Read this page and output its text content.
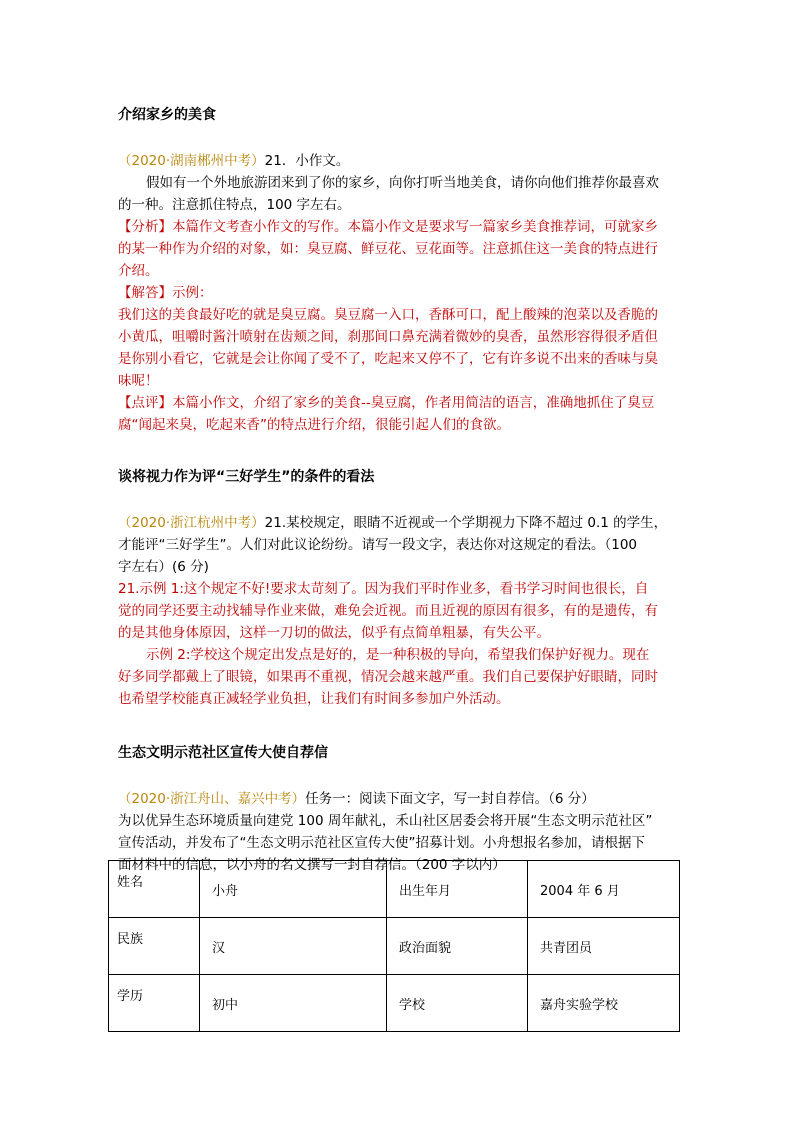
介绍家乡的美食
（2020·湖南郴州中考）21．小作文。
假如有一个外地旅游团来到了你的家乡，向你打听当地美食，请你向他们推荐你最喜欢
的一种。注意抓住特点，100 字左右。
【分析】本篇作文考查小作文的写作。本篇小作文是要求写一篇家乡美食推荐词，可就家乡
的某一种作为介绍的对象，如：臭豆腐、鲜豆花、豆花面等。注意抓住这一美食的特点进行
介绍。
【解答】示例：
我们这的美食最好吃的就是臭豆腐。臭豆腐一入口，香酥可口，配上酸辣的泡菜以及香脆的
小黄瓜，咀嚼时酱汁喷射在齿颊之间，刹那间口鼻充满着微妙的臭香，虽然形容得很矛盾但
是你别小看它，它就是会让你闻了受不了，吃起来又停不了，它有许多说不出来的香味与臭
味呢！
【点评】本篇小作文，介绍了家乡的美食--臭豆腐，作者用简洁的语言，准确地抓住了臭豆
腐“闻起来臭，吃起来香”的特点进行介绍，很能引起人们的食欲。
谈将视力作为评“三好学生”的条件的看法
（2020·浙江杭州中考）21.某校规定，眼睛不近视或一个学期视力下降不超过 0.1 的学生，
才能评“三好学生”。人们对此议论纷纷。请写一段文字，表达你对这规定的看法。（100
字左右）(6 分)
21.示例 1:这个规定不好!要求太苛刻了。因为我们平时作业多，看书学习时间也很长，自
觉的同学还要主动找辅导作业来做，难免会近视。而且近视的原因有很多，有的是遗传，有
的是其他身体原因，这样一刀切的做法，似乎有点简单粗暴，有失公平。
示例 2:学校这个规定出发点是好的，是一种积极的导向，希望我们保护好视力。现在
好多同学都戴上了眼镜，如果再不重视，情况会越来越严重。我们自己要保护好眼睛，同时
也希望学校能真正减轻学业负担，让我们有时间多参加户外活动。
生态文明示范社区宣传大使自荐信
（2020·浙江舟山、嘉兴中考）任务一：阅读下面文字，写一封自荐信。（6 分）
为以优异生态环境质量向建党 100 周年献礼，禾山社区居委会将开展“生态文明示范社区”
宣传活动，并发布了“生态文明示范社区宣传大使”招募计划。小舟想报名参加，请根据下
面材料中的信息，以小舟的名义撰写一封自荐信。（200 字以内）
姓名	小舟	出生年月	2004 年 6 月
民族	汉	政治面貌	共青团员
学历	初中	学校	嘉舟实验学校
